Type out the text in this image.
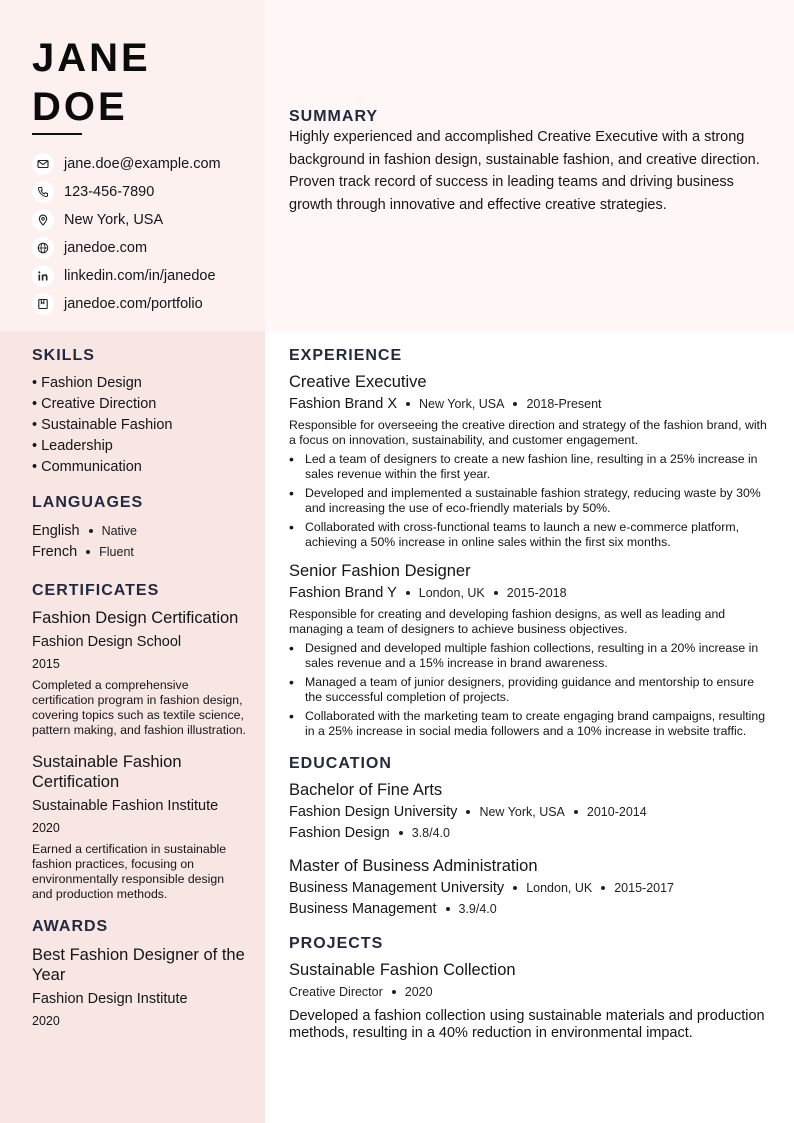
JANE
DOE
jane.doe@example.com
123-456-7890
New York, USA
janedoe.com
linkedin.com/in/janedoe
janedoe.com/portfolio
SUMMARY
Highly experienced and accomplished Creative Executive with a strong background in fashion design, sustainable fashion, and creative direction. Proven track record of success in leading teams and driving business growth through innovative and effective creative strategies.
SKILLS
• Fashion Design
• Creative Direction
• Sustainable Fashion
• Leadership
• Communication
LANGUAGES
English Native
French Fluent
CERTIFICATES
Fashion Design Certification
Fashion Design School
2015
Completed a comprehensive certification program in fashion design, covering topics such as textile science, pattern making, and fashion illustration.
Sustainable Fashion Certification
Sustainable Fashion Institute
2020
Earned a certification in sustainable fashion practices, focusing on environmentally responsible design and production methods.
AWARDS
Best Fashion Designer of the Year
Fashion Design Institute
2020
EXPERIENCE
Creative Executive
Fashion Brand X New York, USA 2018-Present
Responsible for overseeing the creative direction and strategy of the fashion brand, with a focus on innovation, sustainability, and customer engagement.
• Led a team of designers to create a new fashion line, resulting in a 25% increase in sales revenue within the first year.
• Developed and implemented a sustainable fashion strategy, reducing waste by 30% and increasing the use of eco-friendly materials by 50%.
• Collaborated with cross-functional teams to launch a new e-commerce platform, achieving a 50% increase in online sales within the first six months.
Senior Fashion Designer
Fashion Brand Y London, UK 2015-2018
Responsible for creating and developing fashion designs, as well as leading and managing a team of designers to achieve business objectives.
• Designed and developed multiple fashion collections, resulting in a 20% increase in sales revenue and a 15% increase in brand awareness.
• Managed a team of junior designers, providing guidance and mentorship to ensure the successful completion of projects.
• Collaborated with the marketing team to create engaging brand campaigns, resulting in a 25% increase in social media followers and a 10% increase in website traffic.
EDUCATION
Bachelor of Fine Arts
Fashion Design University New York, USA 2010-2014
Fashion Design 3.8/4.0
Master of Business Administration
Business Management University London, UK 2015-2017
Business Management 3.9/4.0
PROJECTS
Sustainable Fashion Collection
Creative Director 2020
Developed a fashion collection using sustainable materials and production methods, resulting in a 40% reduction in environmental impact.
